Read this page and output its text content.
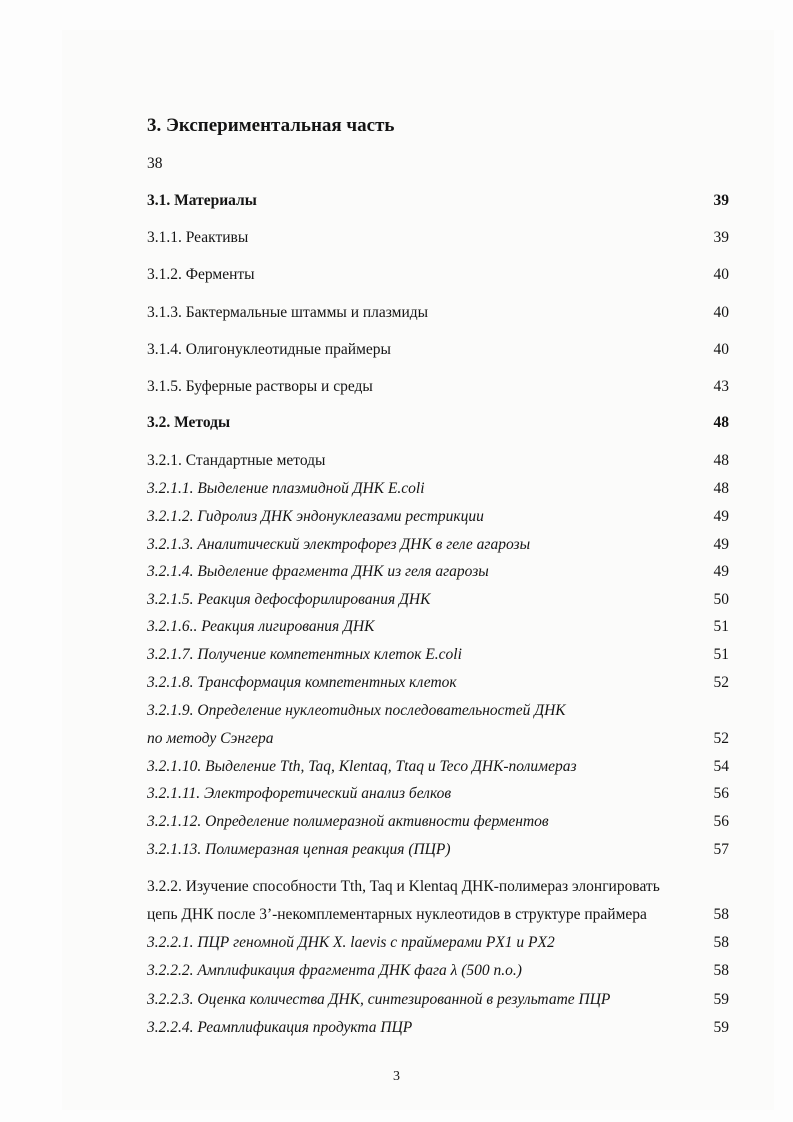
3. Экспериментальная часть
38
3.1. Материалы	39
3.1.1. Реактивы	39
3.1.2. Ферменты	40
3.1.3. Бактермальные штаммы и плазмиды	40
3.1.4. Олигонуклеотидные праймеры	40
3.1.5. Буферные растворы и среды	43
3.2. Методы	48
3.2.1. Стандартные методы	48
3.2.1.1. Выделение плазмидной ДНК E.coli	48
3.2.1.2. Гидролиз ДНК эндонуклеазами рестрикции	49
3.2.1.3. Аналитический электрофорез ДНК в геле агарозы	49
3.2.1.4. Выделение фрагмента ДНК из геля агарозы	49
3.2.1.5. Реакция дефосфорилирования ДНК	50
3.2.1.6.. Реакция лигирования ДНК	51
3.2.1.7. Получение компетентных клеток E.coli	51
3.2.1.8. Трансформация компетентных клеток	52
3.2.1.9. Определение нуклеотидных последовательностей ДНК
по методу Сэнгера	52
3.2.1.10. Выделение Tth, Taq, Klentaq, Ttaq и Teco ДНК-полимераз	54
3.2.1.11. Электрофоретический анализ белков	56
3.2.1.12. Определение полимеразной активности ферментов	56
3.2.1.13. Полимеразная цепная реакция (ПЦР)	57
3.2.2. Изучение способности Tth, Taq и Klentaq ДНК-полимераз элонгировать
цепь ДНК после 3’-некомплементарных нуклеотидов в структуре праймера	58
3.2.2.1. ПЦР геномной ДНК X. laevis с праймерами PX1 и PX2	58
3.2.2.2. Амплификация фрагмента ДНК фага λ (500 п.о.)	58
3.2.2.3. Оценка количества ДНК, синтезированной в результате ПЦР	59
3.2.2.4. Реамплификация продукта ПЦР	59
3
